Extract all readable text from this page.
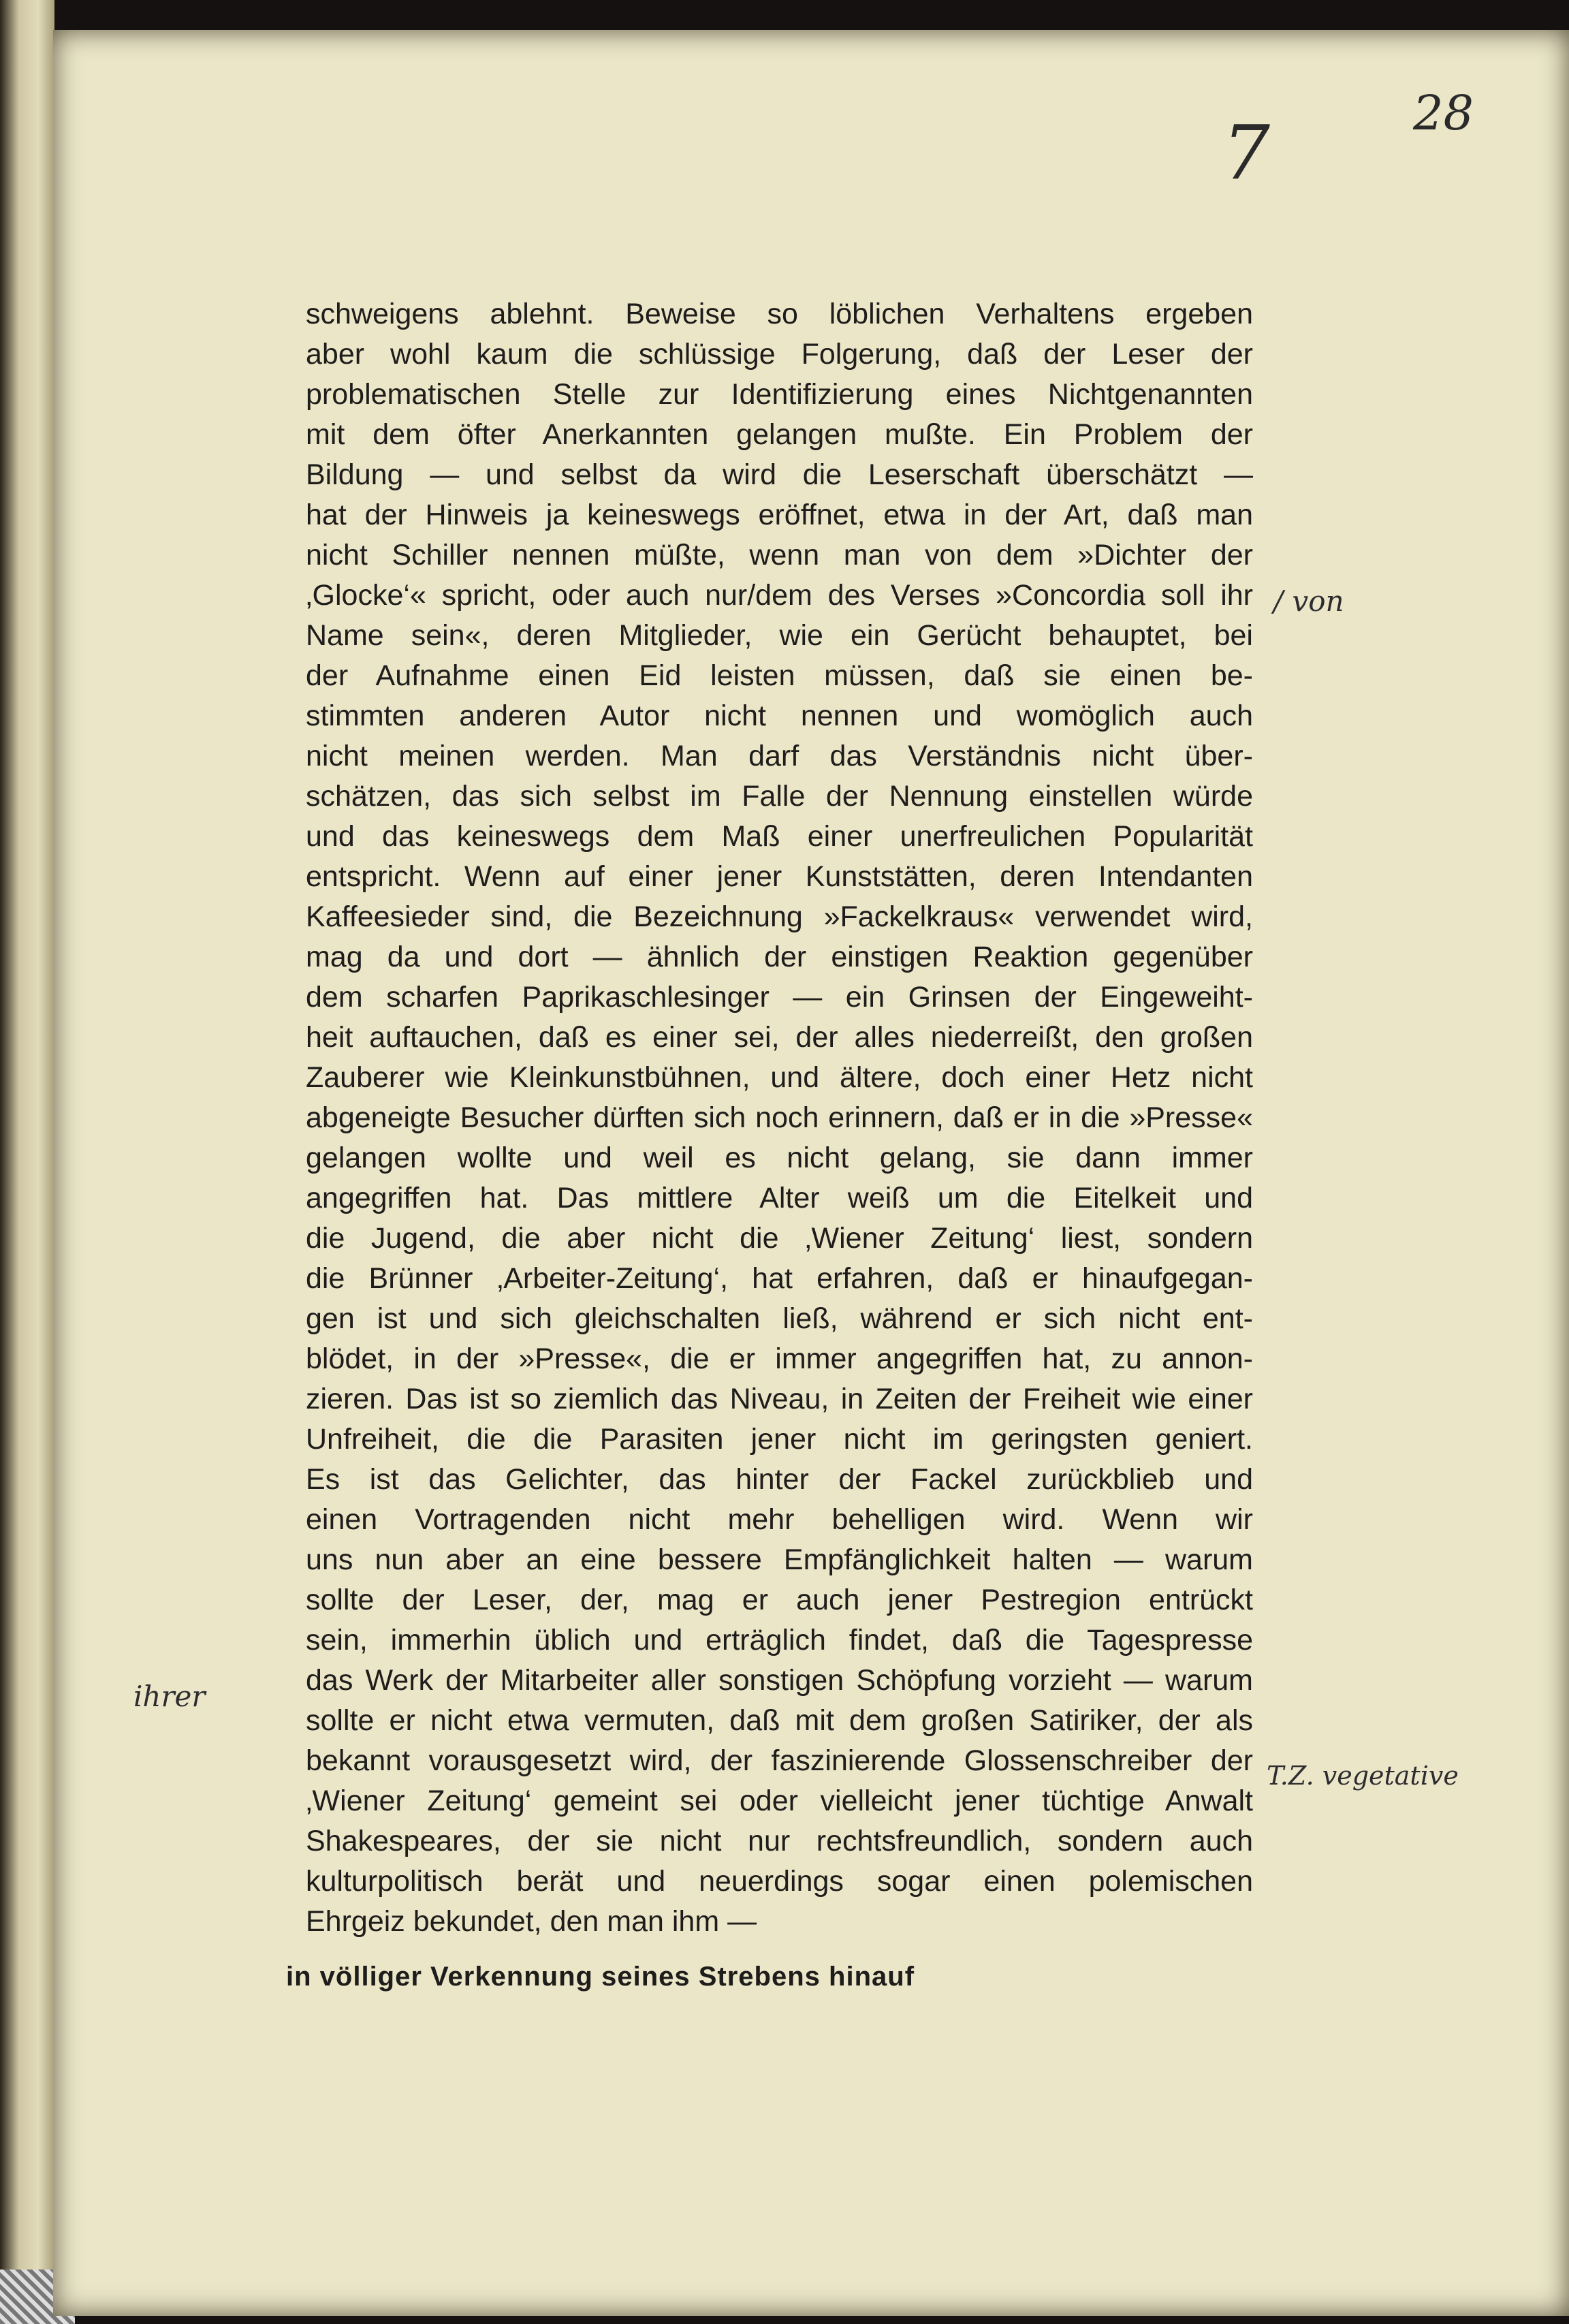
7	28
schweigens ablehnt. Beweise so löblichen Verhaltens ergeben
aber wohl kaum die schlüssige Folgerung, daß der Leser der
problematischen Stelle zur Identifizierung eines Nichtgenannten
mit dem öfter Anerkannten gelangen mußte. Ein Problem der
Bildung — und selbst da wird die Leserschaft überschätzt —
hat der Hinweis ja keineswegs eröffnet, etwa in der Art, daß man
nicht Schiller nennen müßte, wenn man von dem »Dichter der
‚Glocke‘« spricht, oder auch nur/dem des Verses »Concordia soll ihr
Name sein«, deren Mitglieder, wie ein Gerücht behauptet, bei
der Aufnahme einen Eid leisten müssen, daß sie einen be-
stimmten anderen Autor nicht nennen und womöglich auch
nicht meinen werden. Man darf das Verständnis nicht über-
schätzen, das sich selbst im Falle der Nennung einstellen würde
und das keineswegs dem Maß einer unerfreulichen Popularität
entspricht. Wenn auf einer jener Kunststätten, deren Intendanten
Kaffeesieder sind, die Bezeichnung »Fackelkraus« verwendet wird,
mag da und dort — ähnlich der einstigen Reaktion gegenüber
dem scharfen Paprikaschlesinger — ein Grinsen der Eingeweiht-
heit auftauchen, daß es einer sei, der alles niederreißt, den großen
Zauberer wie Kleinkunstbühnen, und ältere, doch einer Hetz nicht
abgeneigte Besucher dürften sich noch erinnern, daß er in die »Presse«
gelangen wollte und weil es nicht gelang, sie dann immer
angegriffen hat. Das mittlere Alter weiß um die Eitelkeit und
die Jugend, die aber nicht die ‚Wiener Zeitung‘ liest, sondern
die Brünner ‚Arbeiter-Zeitung‘, hat erfahren, daß er hinaufgegan-
gen ist und sich gleichschalten ließ, während er sich nicht ent-
blödet, in der »Presse«, die er immer angegriffen hat, zu annon-
zieren. Das ist so ziemlich das Niveau, in Zeiten der Freiheit wie einer
Unfreiheit, die die Parasiten jener nicht im geringsten geniert.
Es ist das Gelichter, das hinter der Fackel zurückblieb und
einen Vortragenden nicht mehr behelligen wird. Wenn wir
uns nun aber an eine bessere Empfänglichkeit halten — warum
sollte der Leser, der, mag er auch jener Pestregion entrückt
sein, immerhin üblich und erträglich findet, daß die Tagespresse
das Werk der Mitarbeiter aller sonstigen Schöpfung vorzieht — warum
sollte er nicht etwa vermuten, daß mit dem großen Satiriker, der als
bekannt vorausgesetzt wird, der faszinierende Glossenschreiber der
‚Wiener Zeitung‘ gemeint sei oder vielleicht jener tüchtige Anwalt
Shakespeares, der sie nicht nur rechtsfreundlich, sondern auch
kulturpolitisch berät und neuerdings sogar einen polemischen
Ehrgeiz bekundet, den man ihm —
in völliger Verkennung seines Strebens hinauf
/ von
ihrer
T.Z. vegetative
